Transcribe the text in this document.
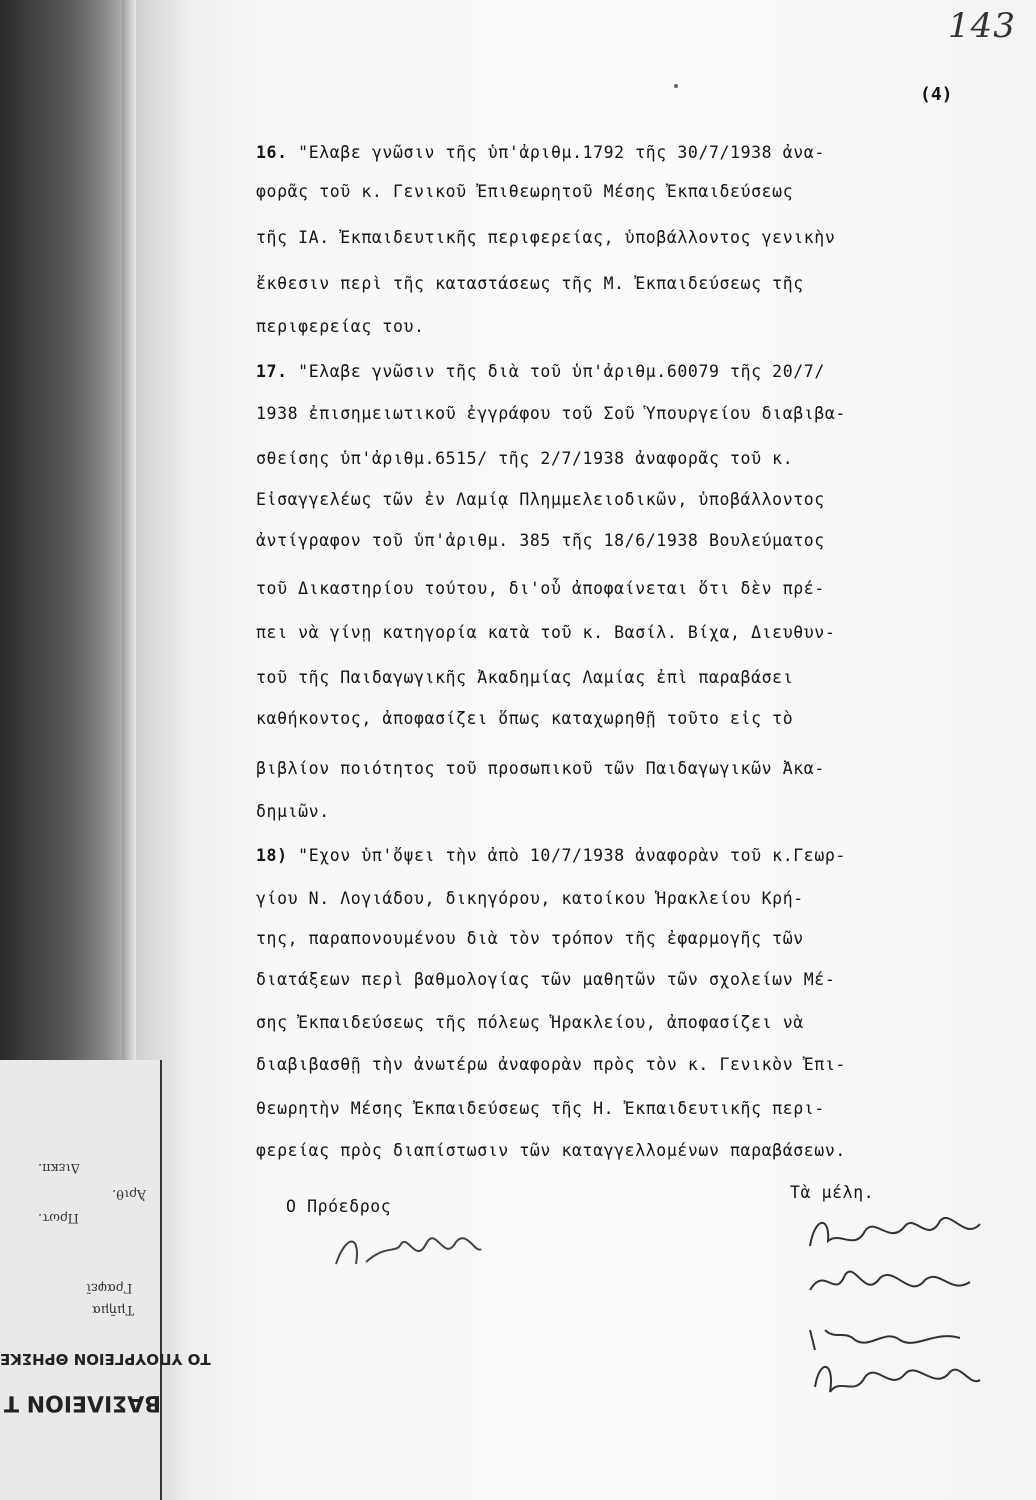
ΒΑΣΙΛΕΙΟΝ Τ
ΤΟ ΥΠΟΥΡΓΕΙΟΝ ΘΡΗΣΚΕ
Τμῆμα
Γραφεῖ
Πρωτ.
Διεκπ.
Ἀριθ.
143
(4)
16. "Ελαβε γνῶσιν τῆς ὑπ'ἀριθμ.1792 τῆς 30/7/1938 ἀνα-
φορᾶς τοῦ κ. Γενικοῦ Ἐπιθεωρητοῦ Μέσης Ἐκπαιδεύσεως
τῆς ΙΑ. Ἐκπαιδευτικῆς περιφερείας, ὑποβάλλοντος γενικὴν
ἔκθεσιν περὶ τῆς καταστάσεως τῆς Μ. Ἐκπαιδεύσεως τῆς
περιφερείας του.
17. "Ελαβε γνῶσιν τῆς διὰ τοῦ ὑπ'ἀριθμ.60079 τῆς 20/7/
1938 ἐπισημειωτικοῦ ἐγγράφου τοῦ Σοῦ Ὑπουργείου διαβιβα-
σθείσης ὑπ'ἀριθμ.6515/ τῆς 2/7/1938 ἀναφορᾶς τοῦ κ.
Εἰσαγγελέως τῶν ἐν Λαμίᾳ Πλημμελειοδικῶν, ὑποβάλλοντος
ἀντίγραφον τοῦ ὑπ'ἀριθμ. 385 τῆς 18/6/1938 Βουλεύματος
τοῦ Δικαστηρίου τούτου, δι'οὗ ἀποφαίνεται ὅτι δὲν πρέ-
πει νὰ γίνῃ κατηγορία κατὰ τοῦ κ. Βασίλ. Βίχα, Διευθυν-
τοῦ τῆς Παιδαγωγικῆς Ἀκαδημίας Λαμίας ἐπὶ παραβάσει
καθήκοντος, ἀποφασίζει ὅπως καταχωρηθῇ τοῦτο εἰς τὸ
βιβλίον ποιότητος τοῦ προσωπικοῦ τῶν Παιδαγωγικῶν Ἀκα-
δημιῶν.
18) "Εχον ὑπ'ὄψει τὴν ἀπὸ 10/7/1938 ἀναφορὰν τοῦ κ.Γεωρ-
γίου Ν. Λογιάδου, δικηγόρου, κατοίκου Ἡρακλείου Κρή-
της, παραπονουμένου διὰ τὸν τρόπον τῆς ἐφαρμογῆς τῶν
διατάξεων περὶ βαθμολογίας τῶν μαθητῶν τῶν σχολείων Μέ-
σης Ἐκπαιδεύσεως τῆς πόλεως Ἡρακλείου, ἀποφασίζει νὰ
διαβιβασθῇ τὴν ἀνωτέρω ἀναφορὰν πρὸς τὸν κ. Γενικὸν Ἐπι-
θεωρητὴν Μέσης Ἐκπαιδεύσεως τῆς Η. Ἐκπαιδευτικῆς περι-
φερείας πρὸς διαπίστωσιν τῶν καταγγελλομένων παραβάσεων.
Ο Πρόεδρος
Τὰ μέλη.
